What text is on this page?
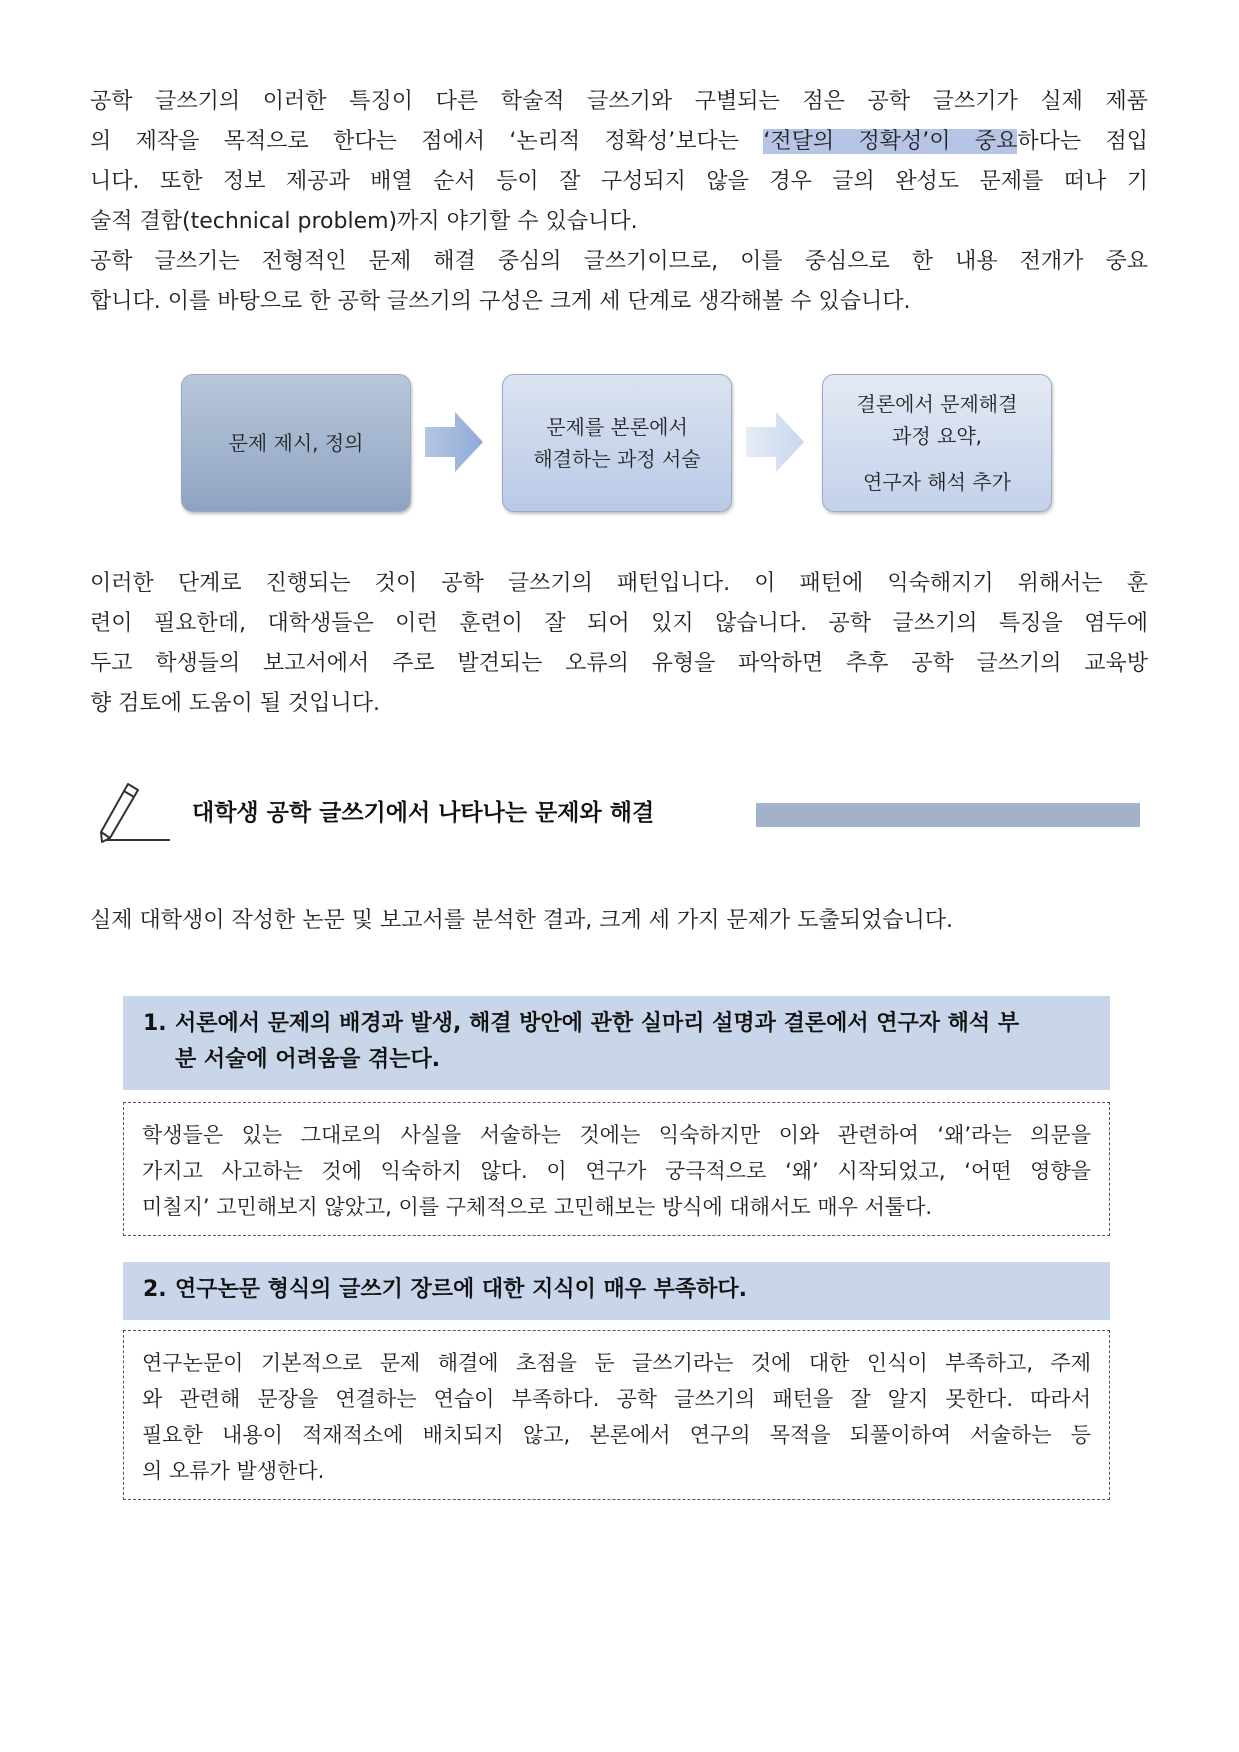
공학 글쓰기의 이러한 특징이 다른 학술적 글쓰기와 구별되는 점은 공학 글쓰기가 실제 제품
의 제작을 목적으로 한다는 점에서 ‘논리적 정확성’보다는 ‘전달의 정확성’이 중요하다는 점입
니다. 또한 정보 제공과 배열 순서 등이 잘 구성되지 않을 경우 글의 완성도 문제를 떠나 기
술적 결함(technical problem)까지 야기할 수 있습니다.
공학 글쓰기는 전형적인 문제 해결 중심의 글쓰기이므로, 이를 중심으로 한 내용 전개가 중요
합니다. 이를 바탕으로 한 공학 글쓰기의 구성은 크게 세 단계로 생각해볼 수 있습니다.
문제 제시, 정의
문제를 본론에서
해결하는 과정 서술
결론에서 문제해결
과정 요약,
연구자 해석 추가
이러한 단계로 진행되는 것이 공학 글쓰기의 패턴입니다. 이 패턴에 익숙해지기 위해서는 훈
련이 필요한데, 대학생들은 이런 훈련이 잘 되어 있지 않습니다. 공학 글쓰기의 특징을 염두에
두고 학생들의 보고서에서 주로 발견되는 오류의 유형을 파악하면 추후 공학 글쓰기의 교육방
향 검토에 도움이 될 것입니다.
대학생 공학 글쓰기에서 나타나는 문제와 해결
실제 대학생이 작성한 논문 및 보고서를 분석한 결과, 크게 세 가지 문제가 도출되었습니다.
1. 서론에서 문제의 배경과 발생, 해결 방안에 관한 실마리 설명과 결론에서 연구자 해석 부
분 서술에 어려움을 겪는다.
학생들은 있는 그대로의 사실을 서술하는 것에는 익숙하지만 이와 관련하여 ‘왜’라는 의문을
가지고 사고하는 것에 익숙하지 않다. 이 연구가 궁극적으로 ‘왜’ 시작되었고, ‘어떤 영향을
미칠지’ 고민해보지 않았고, 이를 구체적으로 고민해보는 방식에 대해서도 매우 서툴다.
2. 연구논문 형식의 글쓰기 장르에 대한 지식이 매우 부족하다.
연구논문이 기본적으로 문제 해결에 초점을 둔 글쓰기라는 것에 대한 인식이 부족하고, 주제
와 관련해 문장을 연결하는 연습이 부족하다. 공학 글쓰기의 패턴을 잘 알지 못한다. 따라서
필요한 내용이 적재적소에 배치되지 않고, 본론에서 연구의 목적을 되풀이하여 서술하는 등
의 오류가 발생한다.
